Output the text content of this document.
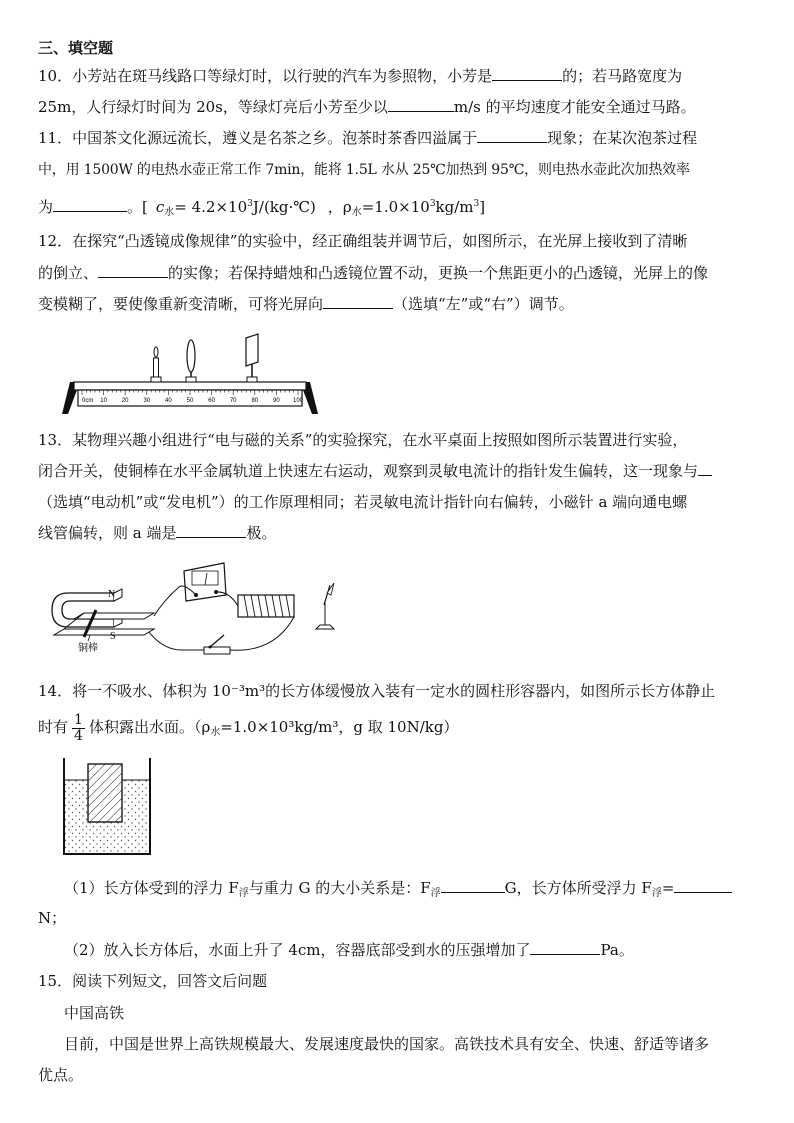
三、填空题
10．小芳站在斑马线路口等绿灯时，以行驶的汽车为参照物，小芳是	的；若马路宽度为
25m，人行绿灯时间为 20s，等绿灯亮后小芳至少以	m/s 的平均速度才能安全通过马路。
11．中国茶文化源远流长，遵义是名茶之乡。泡茶时茶香四溢属于	现象；在某次泡茶过程
中，用 1500W 的电热水壶正常工作 7min，能将 1.5L 水从 25℃加热到 95℃，则电热水壶此次加热效率
为	。[ $c_水=$ $4.2\times 10^3J/(kg\cdot℃)$ ，$\rho_水=1.0\times 10^3kg/m^3$]
12．在探究“凸透镜成像规律”的实验中，经正确组装并调节后，如图所示，在光屏上接收到了清晰
的倒立、	的实像；若保持蜡烛和凸透镜位置不动，更换一个焦距更小的凸透镜，光屏上的像
变模糊了，要使像重新变清晰，可将光屏向	（选填“左”或“右”）调节。
0cm 10 20 30 40 50 60 70 80 90 100
13．某物理兴趣小组进行“电与磁的关系”的实验探究，在水平桌面上按照如图所示装置进行实验，
闭合开关，使铜棒在水平金属轨道上快速左右运动，观察到灵敏电流计的指针发生偏转，这一现象与
（选填“电动机”或“发电机”）的工作原理相同；若灵敏电流计指针向右偏转，小磁针 a 端向通电螺
线管偏转，则 a 端是	极。
N
S
铜棒
14．将一不吸水、体积为 10⁻³m³的长方体缓慢放入装有一定水的圆柱形容器内，如图所示长方体静止
时有 $\frac{1}{4}$ 体积露出水面。（$\rho_水=1.0\times 10^3kg/m^3$，g 取 10N/kg）
（1）长方体受到的浮力 $F_浮$与重力 G 的大小关系是：$F_浮$	G，长方体所受浮力 $F_浮=$
N；
（2）放入长方体后，水面上升了 4cm，容器底部受到水的压强增加了	Pa。
15．阅读下列短文，回答文后问题
中国高铁
目前，中国是世界上高铁规模最大、发展速度最快的国家。高铁技术具有安全、快速、舒适等诸多
优点。
